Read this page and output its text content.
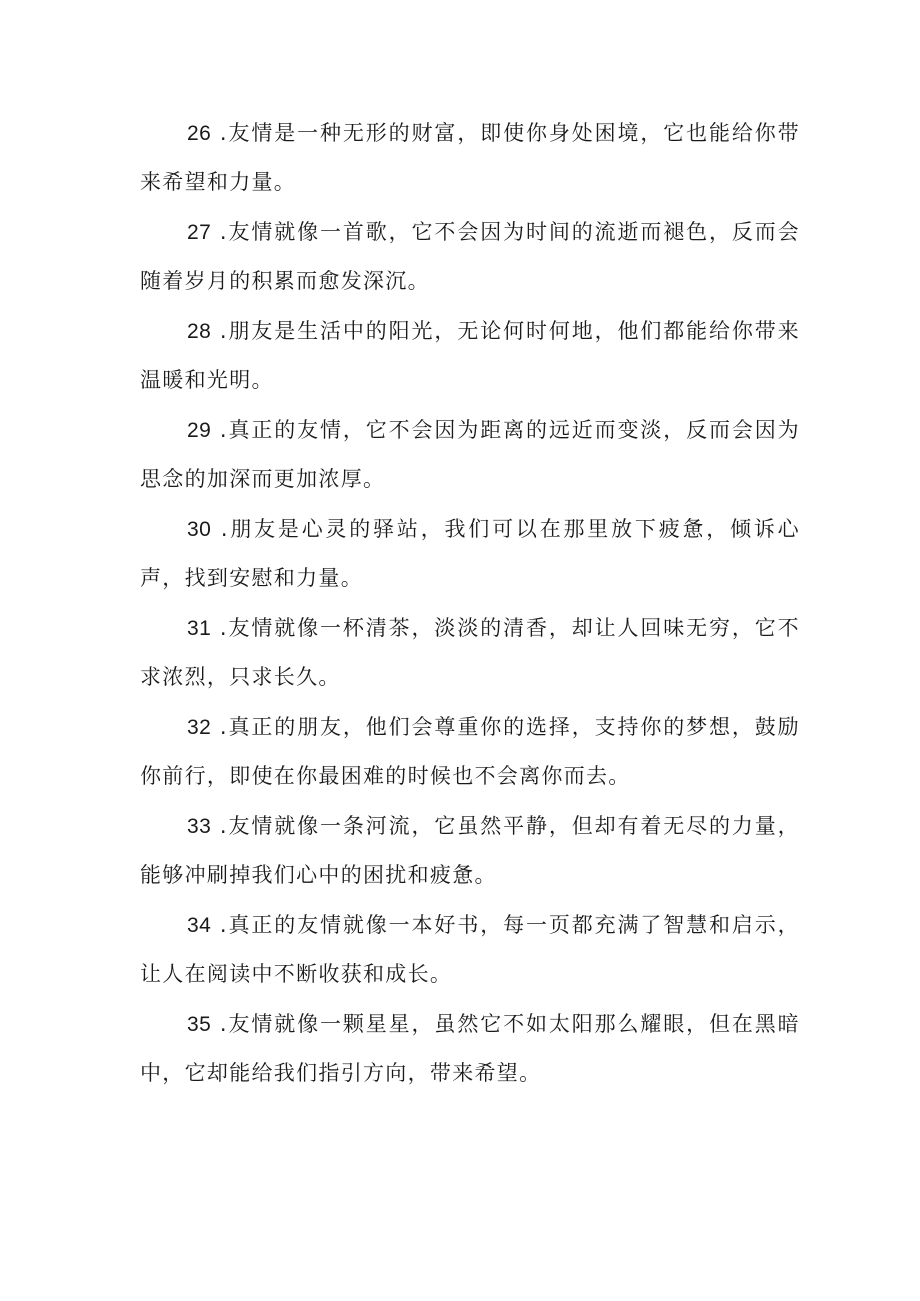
26 .友情是一种无形的财富，即使你身处困境，它也能给你带来希望和力量。

27 .友情就像一首歌，它不会因为时间的流逝而褪色，反而会随着岁月的积累而愈发深沉。

28 .朋友是生活中的阳光，无论何时何地，他们都能给你带来温暖和光明。

29 .真正的友情，它不会因为距离的远近而变淡，反而会因为思念的加深而更加浓厚。

30 .朋友是心灵的驿站，我们可以在那里放下疲惫，倾诉心声，找到安慰和力量。

31 .友情就像一杯清茶，淡淡的清香，却让人回味无穷，它不求浓烈，只求长久。

32 .真正的朋友，他们会尊重你的选择，支持你的梦想，鼓励你前行，即使在你最困难的时候也不会离你而去。

33 .友情就像一条河流，它虽然平静，但却有着无尽的力量，能够冲刷掉我们心中的困扰和疲惫。

34 .真正的友情就像一本好书，每一页都充满了智慧和启示，让人在阅读中不断收获和成长。

35 .友情就像一颗星星，虽然它不如太阳那么耀眼，但在黑暗中，它却能给我们指引方向，带来希望。
